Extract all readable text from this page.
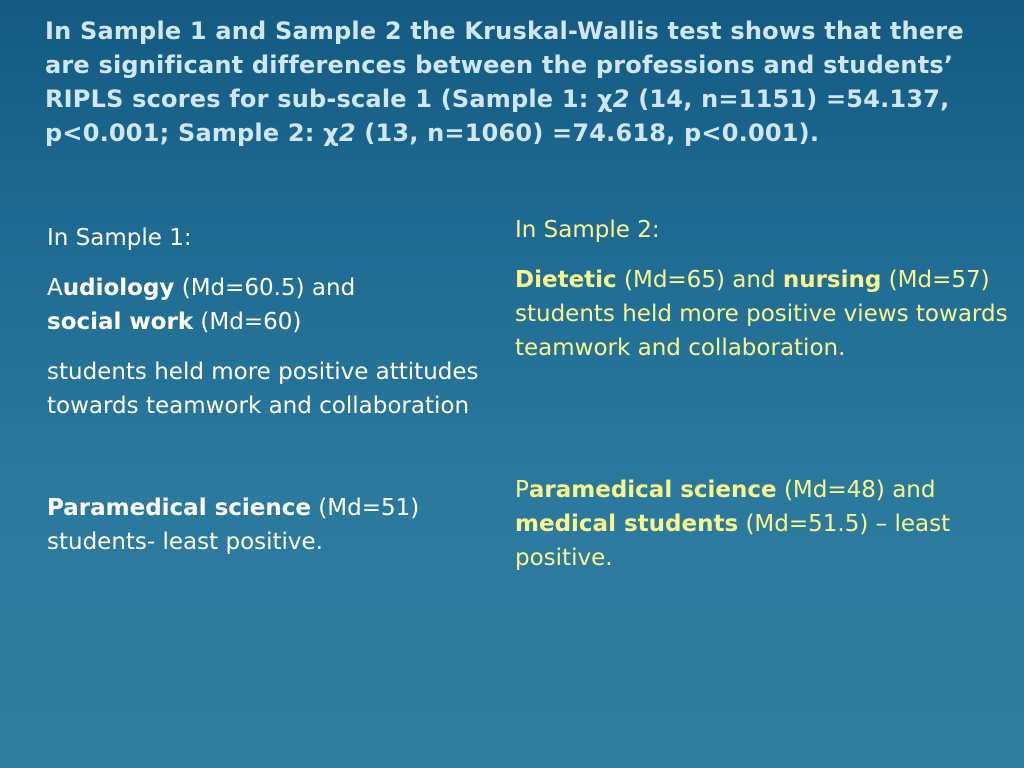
In Sample 1 and Sample 2 the Kruskal-Wallis test shows that there are significant differences between the professions and students’ RIPLS scores for sub-scale 1 (Sample 1: χ2 (14, n=1151) =54.137, p<0.001; Sample 2: χ2 (13, n=1060) =74.618, p<0.001).

In Sample 1:

Audiology (Md=60.5) and
social work (Md=60)

students held more positive attitudes towards teamwork and collaboration

Paramedical science (Md=51) students- least positive.

In Sample 2:

Dietetic (Md=65) and nursing (Md=57) students held more positive views towards teamwork and collaboration.

Paramedical science (Md=48) and medical students (Md=51.5) – least positive.
